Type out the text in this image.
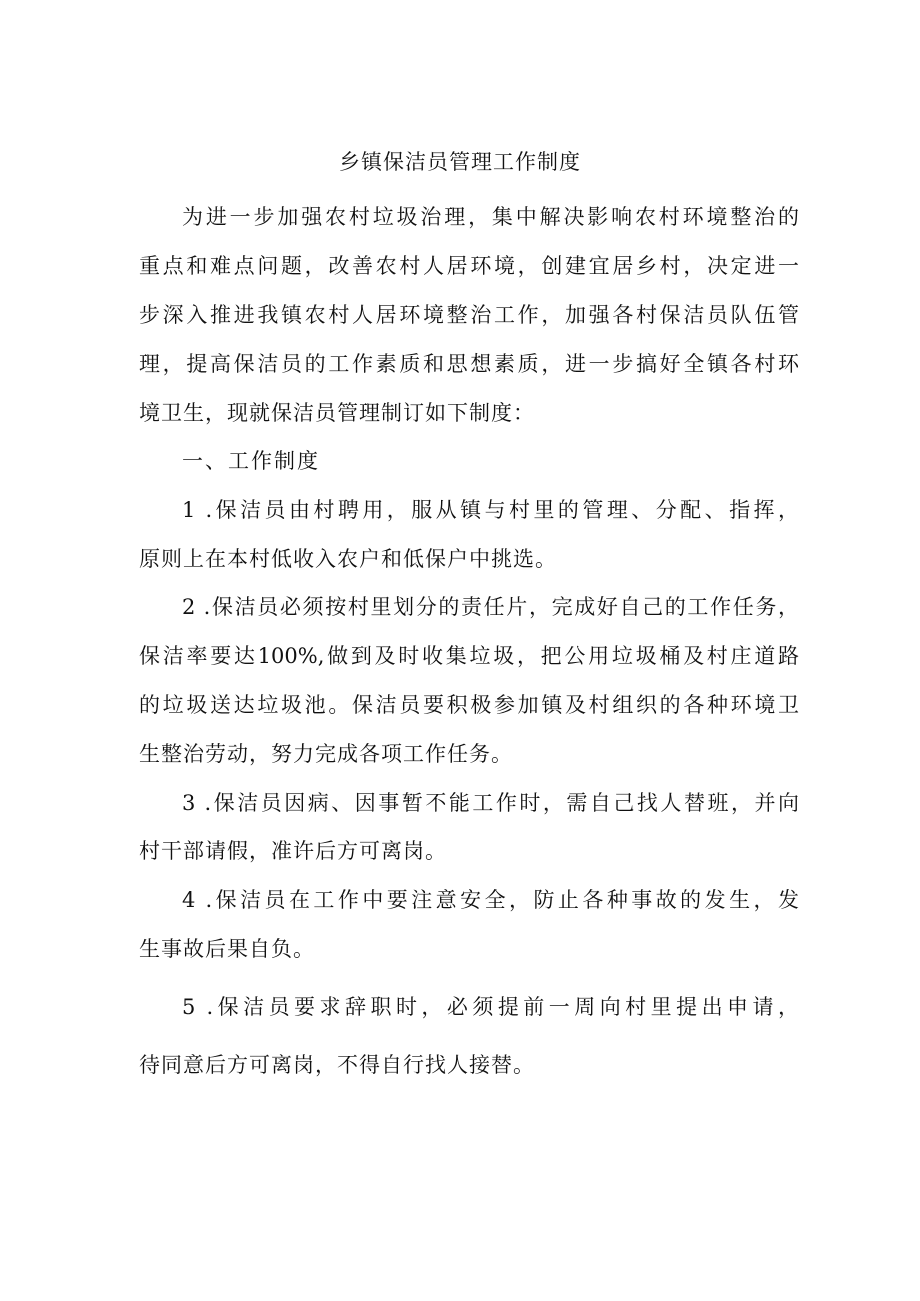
乡镇保洁员管理工作制度
为进一步加强农村垃圾治理，集中解决影响农村环境整治的
重点和难点问题，改善农村人居环境，创建宜居乡村，决定进一
步深入推进我镇农村人居环境整治工作，加强各村保洁员队伍管
理，提高保洁员的工作素质和思想素质，进一步搞好全镇各村环
境卫生，现就保洁员管理制订如下制度：
一、工作制度
1 .保洁员由村聘用，服从镇与村里的管理、分配、指挥，
原则上在本村低收入农户和低保户中挑选。
2 .保洁员必须按村里划分的责任片，完成好自己的工作任务，
保洁率要达100%,做到及时收集垃圾，把公用垃圾桶及村庄道路
的垃圾送达垃圾池。保洁员要积极参加镇及村组织的各种环境卫
生整治劳动，努力完成各项工作任务。
3 .保洁员因病、因事暂不能工作时，需自己找人替班，并向
村干部请假，准许后方可离岗。
4 .保洁员在工作中要注意安全，防止各种事故的发生，发
生事故后果自负。
5 .保洁员要求辞职时，必须提前一周向村里提出申请，
待同意后方可离岗，不得自行找人接替。
